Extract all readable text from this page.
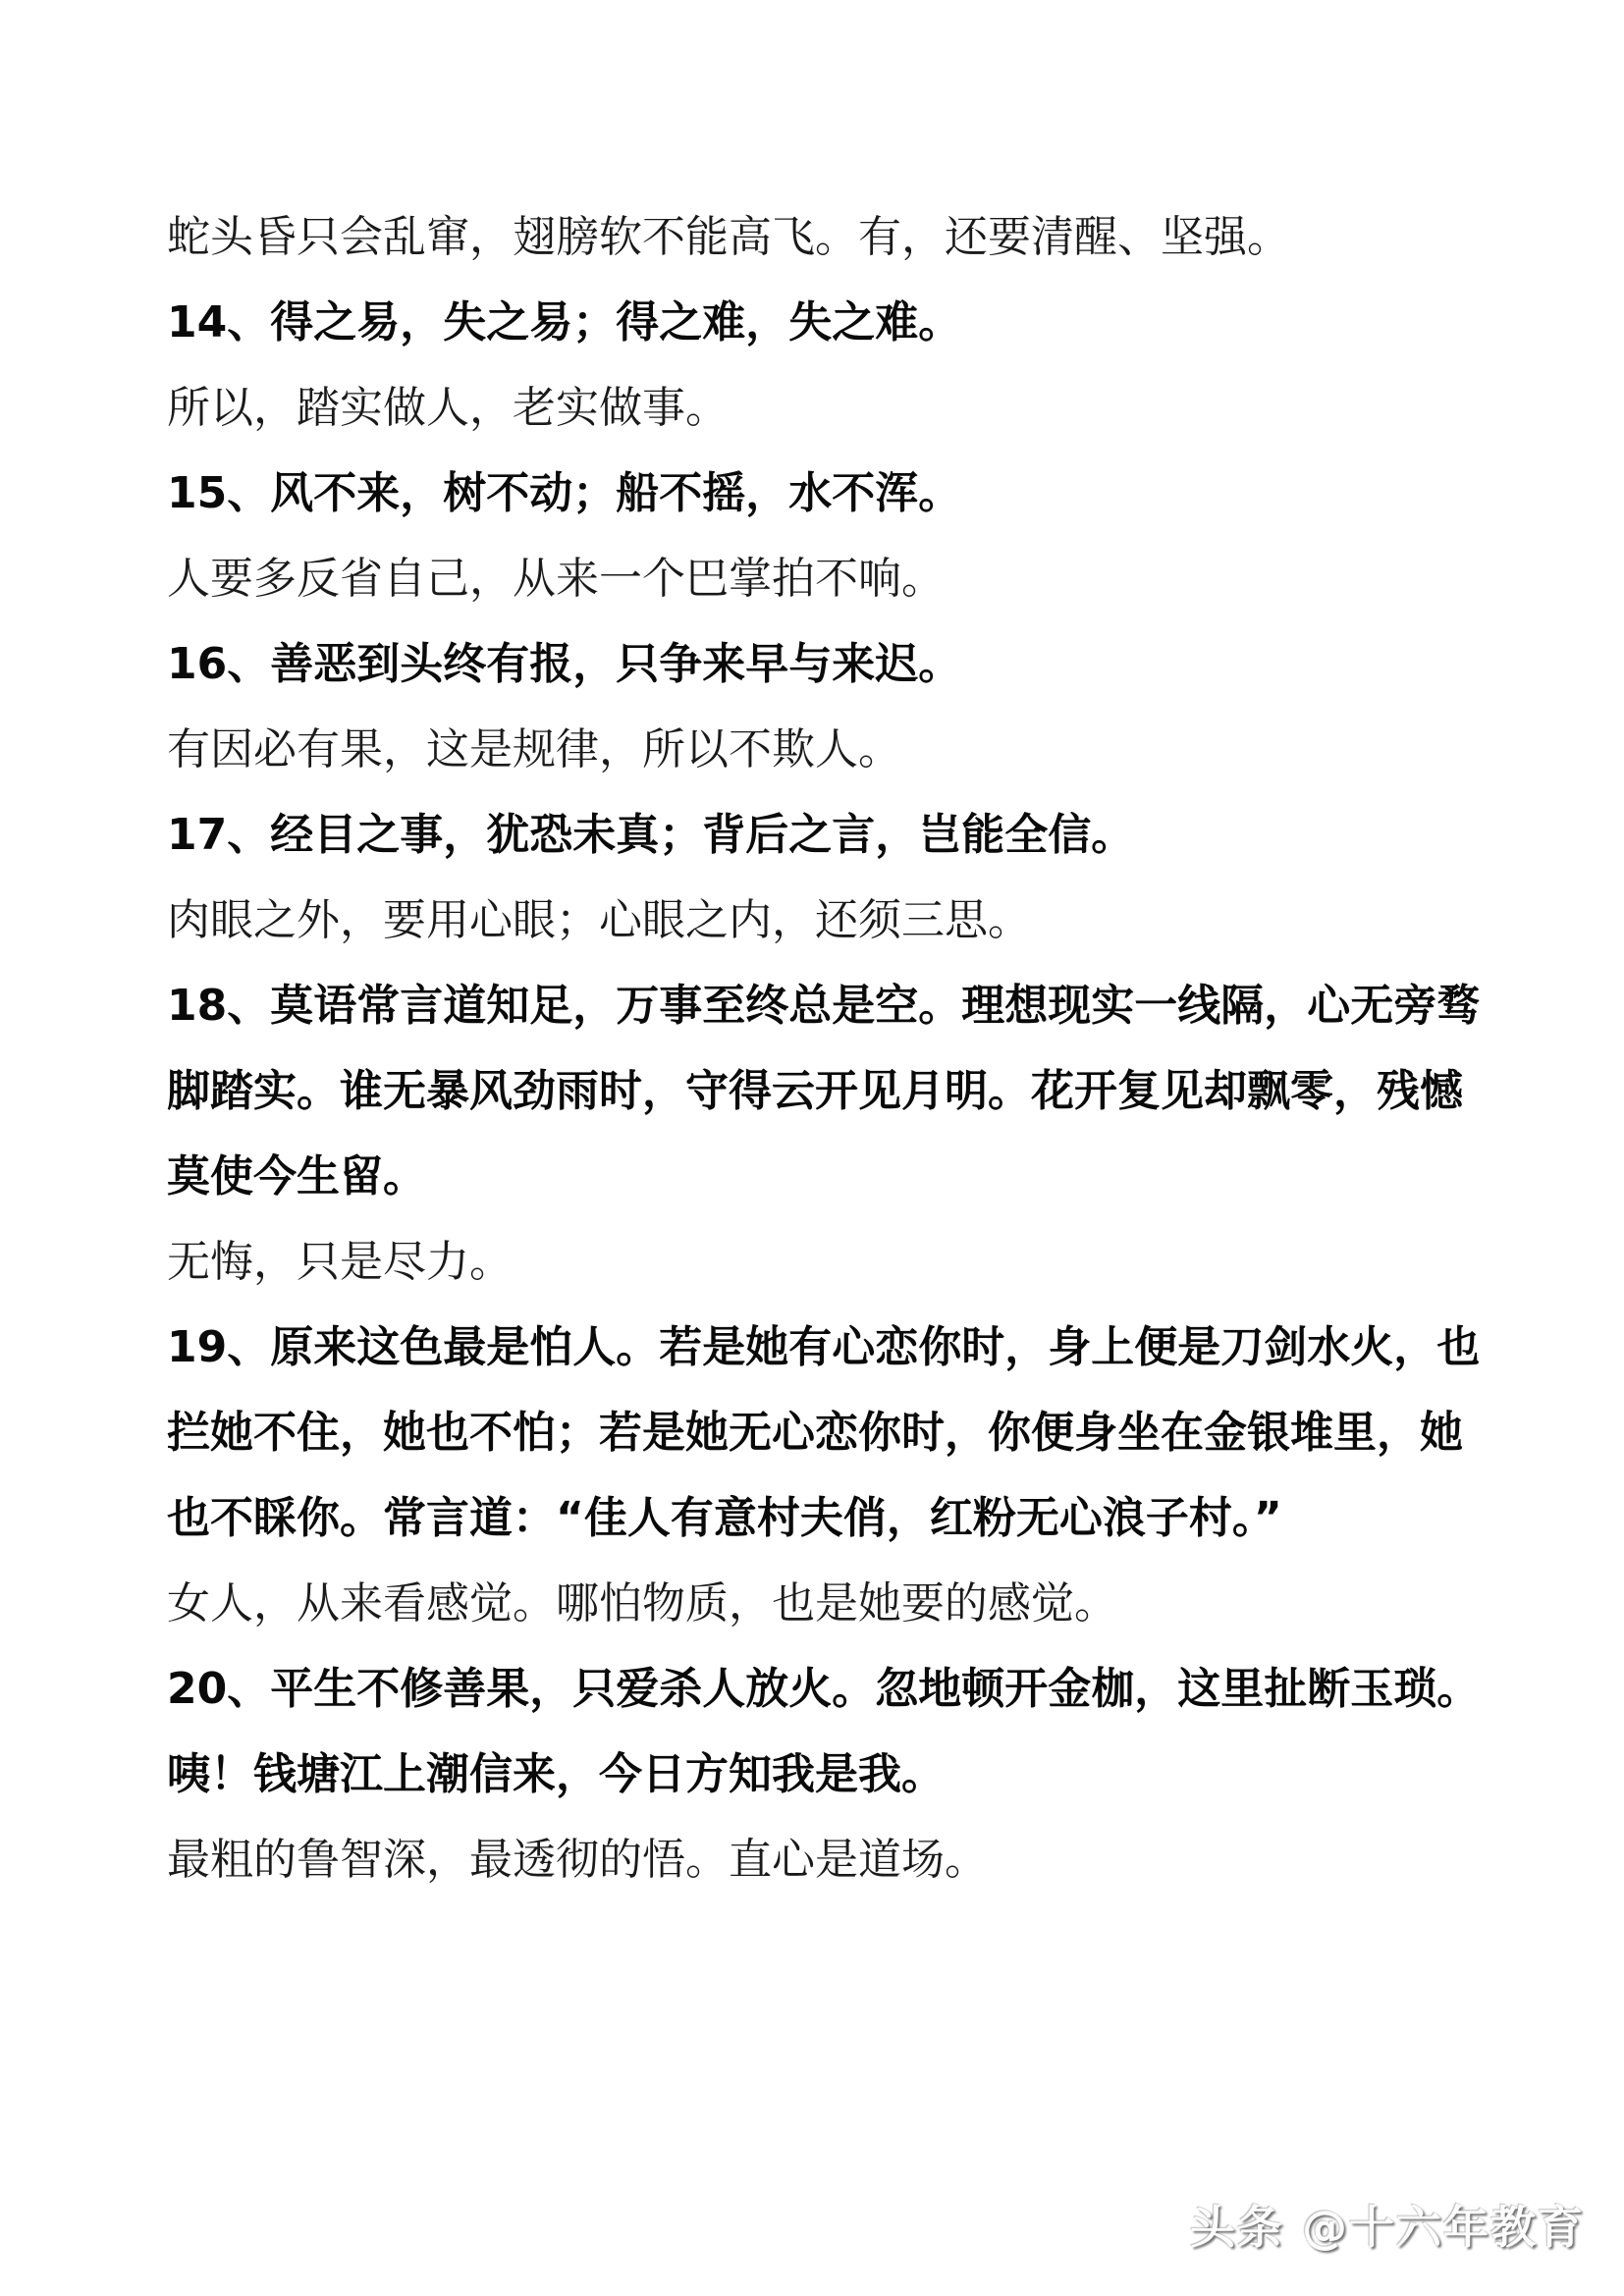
蛇头昏只会乱窜，翅膀软不能高飞。有，还要清醒、坚强。
14、得之易，失之易；得之难，失之难。
所以，踏实做人，老实做事。
15、风不来，树不动；船不摇，水不浑。
人要多反省自己，从来一个巴掌拍不响。
16、善恶到头终有报，只争来早与来迟。
有因必有果，这是规律，所以不欺人。
17、经目之事，犹恐未真；背后之言，岂能全信。
肉眼之外，要用心眼；心眼之内，还须三思。
18、莫语常言道知足，万事至终总是空。理想现实一线隔，心无旁骛
脚踏实。谁无暴风劲雨时，守得云开见月明。花开复见却飘零，残憾
莫使今生留。
无悔，只是尽力。
19、原来这色最是怕人。若是她有心恋你时，身上便是刀剑水火，也
拦她不住，她也不怕；若是她无心恋你时，你便身坐在金银堆里，她
也不睬你。常言道：“佳人有意村夫俏，红粉无心浪子村。”
女人，从来看感觉。哪怕物质，也是她要的感觉。
20、平生不修善果，只爱杀人放火。忽地顿开金枷，这里扯断玉琐。
咦！钱塘江上潮信来，今日方知我是我。
最粗的鲁智深，最透彻的悟。直心是道场。
头条 @十六年教育
